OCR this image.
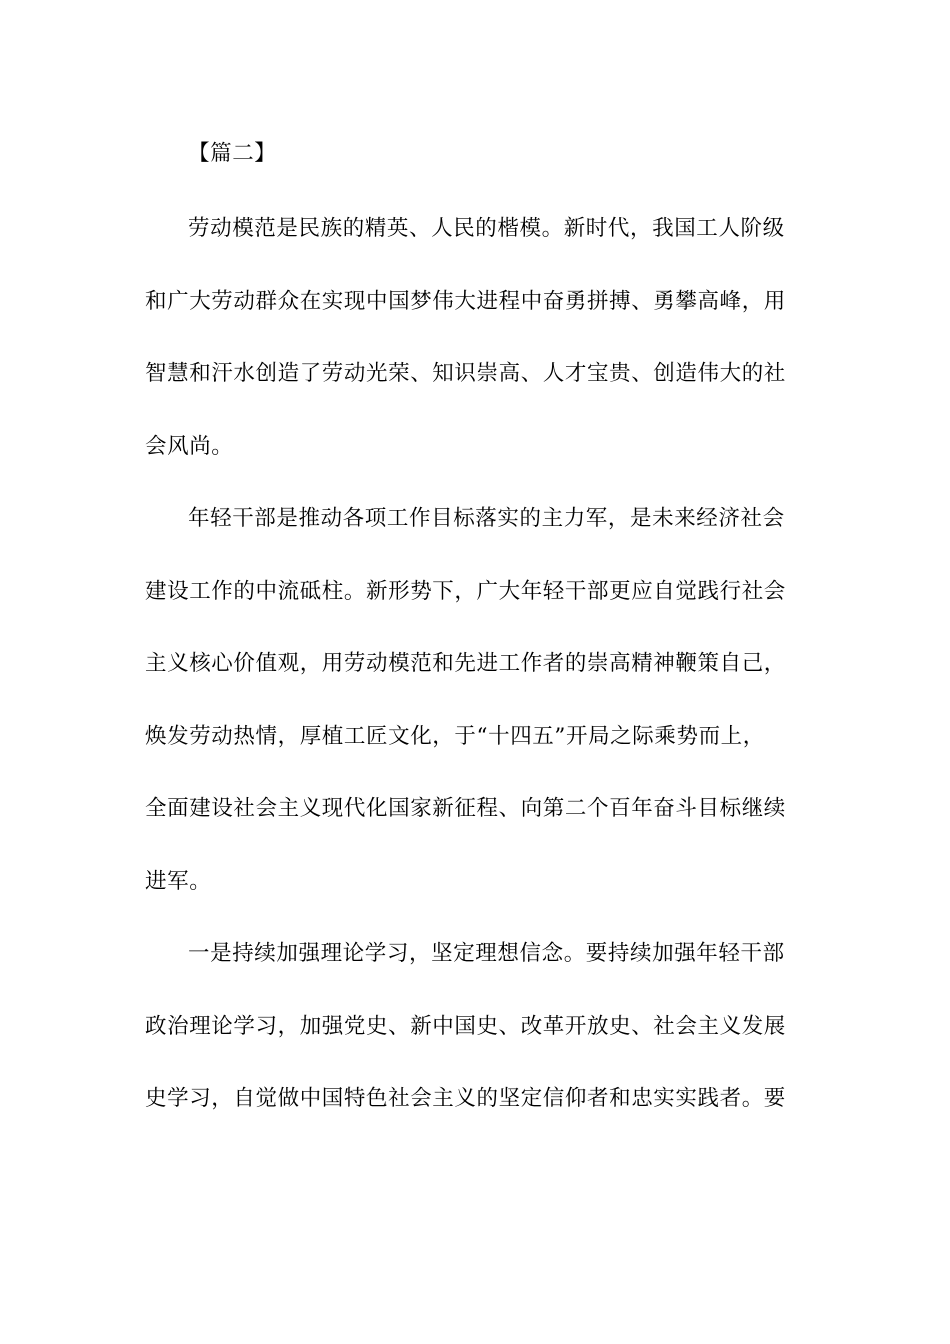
【篇二】

劳动模范是民族的精英、人民的楷模。新时代，我国工人阶级
和广大劳动群众在实现中国梦伟大进程中奋勇拼搏、勇攀高峰，用
智慧和汗水创造了劳动光荣、知识崇高、人才宝贵、创造伟大的社
会风尚。
年轻干部是推动各项工作目标落实的主力军，是未来经济社会
建设工作的中流砥柱。新形势下，广大年轻干部更应自觉践行社会
主义核心价值观，用劳动模范和先进工作者的崇高精神鞭策自己，
焕发劳动热情，厚植工匠文化，于“十四五”开局之际乘势而上，
全面建设社会主义现代化国家新征程、向第二个百年奋斗目标继续
进军。
一是持续加强理论学习，坚定理想信念。要持续加强年轻干部
政治理论学习，加强党史、新中国史、改革开放史、社会主义发展
史学习，自觉做中国特色社会主义的坚定信仰者和忠实实践者。要
